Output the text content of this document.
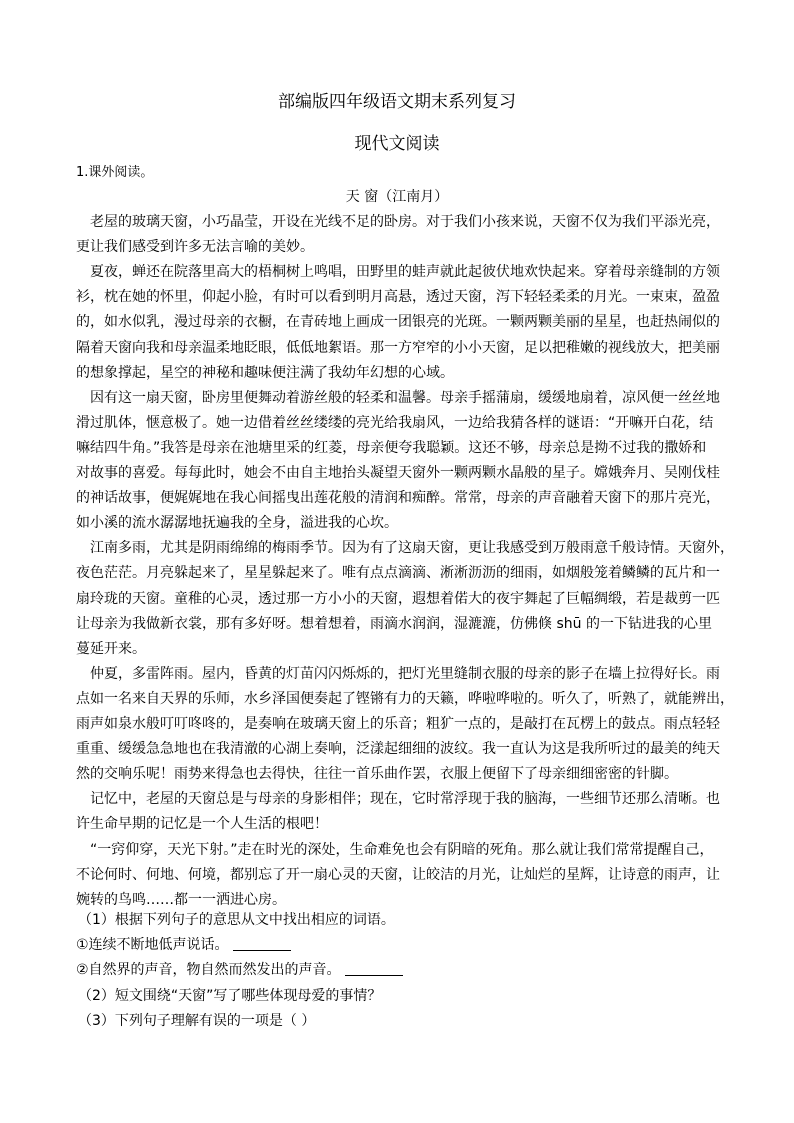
部编版四年级语文期末系列复习
现代文阅读
1.课外阅读。
天 窗（江南月）
老屋的玻璃天窗，小巧晶莹，开设在光线不足的卧房。对于我们小孩来说，天窗不仅为我们平添光亮，
更让我们感受到许多无法言喻的美妙。
夏夜，蝉还在院落里高大的梧桐树上鸣唱，田野里的蛙声就此起彼伏地欢快起来。穿着母亲缝制的方领
衫，枕在她的怀里，仰起小脸，有时可以看到明月高悬，透过天窗，泻下轻轻柔柔的月光。一束束，盈盈
的，如水似乳，漫过母亲的衣橱，在青砖地上画成一团银亮的光斑。一颗两颗美丽的星星，也赶热闹似的
隔着天窗向我和母亲温柔地眨眼，低低地絮语。那一方窄窄的小小天窗，足以把稚嫩的视线放大，把美丽
的想象撑起，星空的神秘和趣味便注满了我幼年幻想的心域。
因有这一扇天窗，卧房里便舞动着游丝般的轻柔和温馨。母亲手摇蒲扇，缓缓地扇着，凉风便一丝丝地
滑过肌体，惬意极了。她一边借着丝丝缕缕的亮光给我扇风，一边给我猜各样的谜语：“开嘛开白花，结
嘛结四牛角。”我答是母亲在池塘里采的红菱，母亲便夸我聪颖。这还不够，母亲总是拗不过我的撒娇和
对故事的喜爱。每每此时，她会不由自主地抬头凝望天窗外一颗两颗水晶般的星子。嫦娥奔月、吴刚伐桂
的神话故事，便娓娓地在我心间摇曳出莲花般的清润和痴醉。常常，母亲的声音融着天窗下的那片亮光，
如小溪的流水潺潺地抚遍我的全身，溢进我的心坎。
江南多雨，尤其是阴雨绵绵的梅雨季节。因为有了这扇天窗，更让我感受到万般雨意千般诗情。天窗外，
夜色茫茫。月亮躲起来了，星星躲起来了。唯有点点滴滴、淅淅沥沥的细雨，如烟般笼着鳞鳞的瓦片和一
扇玲珑的天窗。童稚的心灵，透过那一方小小的天窗，遐想着偌大的夜宇舞起了巨幅绸缎，若是裁剪一匹
让母亲为我做新衣裳，那有多好呀。想着想着，雨滴水润润，湿漉漉，仿佛倏 shū 的一下钻进我的心里
蔓延开来。
仲夏，多雷阵雨。屋内，昏黄的灯苗闪闪烁烁的，把灯光里缝制衣服的母亲的影子在墙上拉得好长。雨
点如一名来自天界的乐师，水乡泽国便奏起了铿锵有力的天籁，哗啦哗啦的。听久了，听熟了，就能辨出，
雨声如泉水般叮叮咚咚的，是奏响在玻璃天窗上的乐音；粗犷一点的，是敲打在瓦楞上的鼓点。雨点轻轻
重重、缓缓急急地也在我清澈的心湖上奏响，泛漾起细细的波纹。我一直认为这是我所听过的最美的纯天
然的交响乐呢！雨势来得急也去得快，往往一首乐曲作罢，衣服上便留下了母亲细细密密的针脚。
记忆中，老屋的天窗总是与母亲的身影相伴；现在，它时常浮现于我的脑海，一些细节还那么清晰。也
许生命早期的记忆是一个人生活的根吧！
“一窍仰穿，天光下射。”走在时光的深处，生命难免也会有阴暗的死角。那么就让我们常常提醒自己，
不论何时、何地、何境，都别忘了开一扇心灵的天窗，让皎洁的月光，让灿烂的星辉，让诗意的雨声，让
婉转的鸟鸣……都一一洒进心房。
（1）根据下列句子的意思从文中找出相应的词语。
①连续不断地低声说话。
②自然界的声音，物自然而然发出的声音。
（2）短文围绕“天窗”写了哪些体现母爱的事情？
（3）下列句子理解有误的一项是（ ）
